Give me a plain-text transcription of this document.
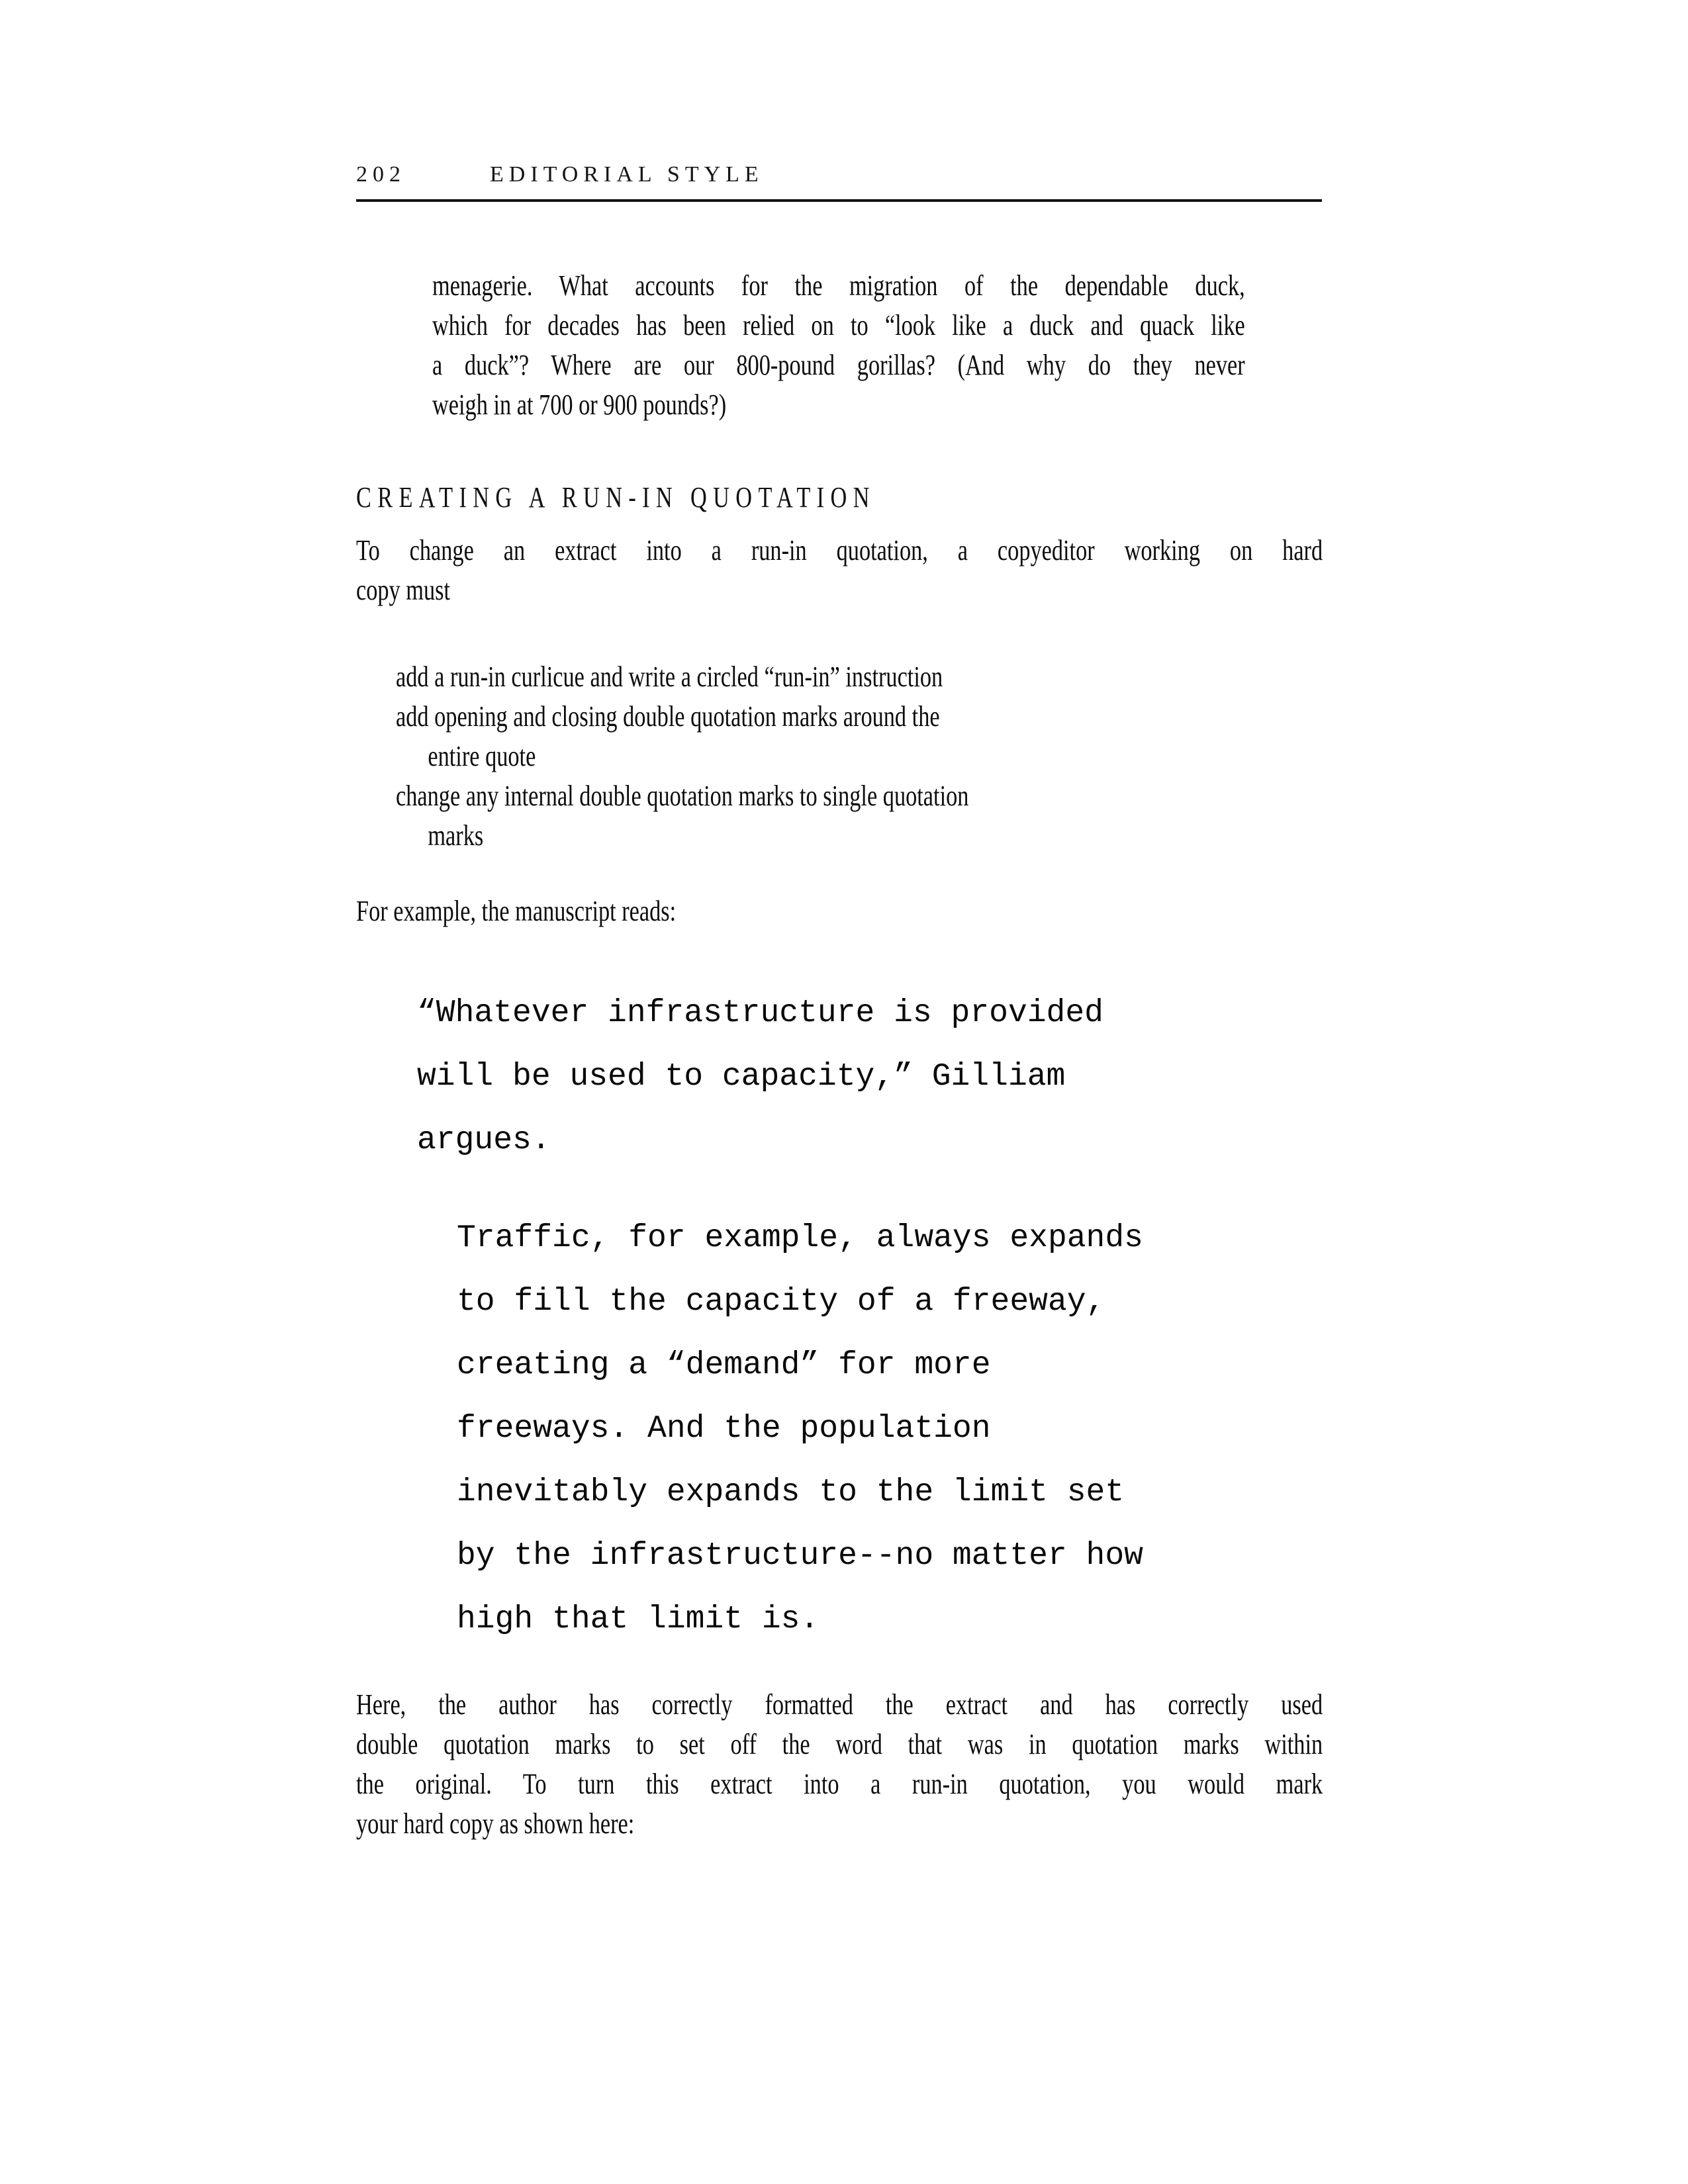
202	EDITORIAL STYLE
menagerie. What accounts for the migration of the dependable duck,
which for decades has been relied on to “look like a duck and quack like
a duck”? Where are our 800-pound gorillas? (And why do they never
weigh in at 700 or 900 pounds?)
CREATING A RUN-IN QUOTATION
To change an extract into a run-in quotation, a copyeditor working on hard
copy must
add a run-in curlicue and write a circled “run-in” instruction
add opening and closing double quotation marks around the
entire quote
change any internal double quotation marks to single quotation
marks
For example, the manuscript reads:
“Whatever infrastructure is provided
will be used to capacity,” Gilliam
argues.
Traffic, for example, always expands
to fill the capacity of a freeway,
creating a “demand” for more
freeways. And the population
inevitably expands to the limit set
by the infrastructure--no matter how
high that limit is.
Here, the author has correctly formatted the extract and has correctly used
double quotation marks to set off the word that was in quotation marks within
the original. To turn this extract into a run-in quotation, you would mark
your hard copy as shown here:
